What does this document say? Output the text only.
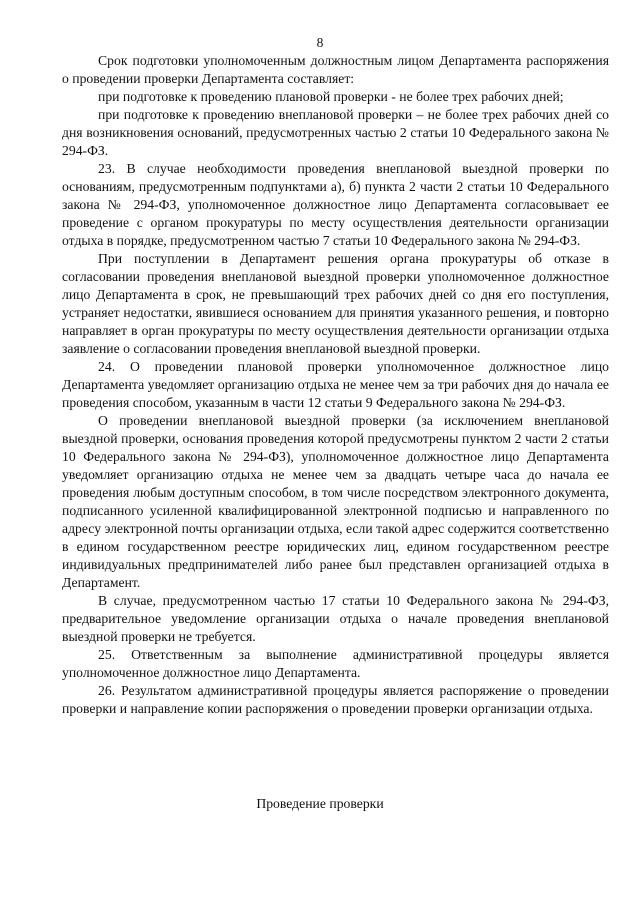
8

Срок подготовки уполномоченным должностным лицом Департамента распоряжения о проведении проверки Департамента составляет:

при подготовке к проведению плановой проверки - не более трех рабочих дней;

при подготовке к проведению внеплановой проверки – не более трех рабочих дней со дня возникновения оснований, предусмотренных частью 2 статьи 10 Федерального закона № 294-ФЗ.

23. В случае необходимости проведения внеплановой выездной проверки по основаниям, предусмотренным подпунктами а), б) пункта 2 части 2 статьи 10 Федерального закона № 294-ФЗ, уполномоченное должностное лицо Департамента согласовывает ее проведение с органом прокуратуры по месту осуществления деятельности организации отдыха в порядке, предусмотренном частью 7 статьи 10 Федерального закона № 294-ФЗ.

При поступлении в Департамент решения органа прокуратуры об отказе в согласовании проведения внеплановой выездной проверки уполномоченное должностное лицо Департамента в срок, не превышающий трех рабочих дней со дня его поступления, устраняет недостатки, явившиеся основанием для принятия указанного решения, и повторно направляет в орган прокуратуры по месту осуществления деятельности организации отдыха заявление о согласовании проведения внеплановой выездной проверки.

24. О проведении плановой проверки уполномоченное должностное лицо Департамента уведомляет организацию отдыха не менее чем за три рабочих дня до начала ее проведения способом, указанным в части 12 статьи 9 Федерального закона № 294-ФЗ.

О проведении внеплановой выездной проверки (за исключением внеплановой выездной проверки, основания проведения которой предусмотрены пунктом 2 части 2 статьи 10 Федерального закона № 294-ФЗ), уполномоченное должностное лицо Департамента уведомляет организацию отдыха не менее чем за двадцать четыре часа до начала ее проведения любым доступным способом, в том числе посредством электронного документа, подписанного усиленной квалифицированной электронной подписью и направленного по адресу электронной почты организации отдыха, если такой адрес содержится соответственно в едином государственном реестре юридических лиц, едином государственном реестре индивидуальных предпринимателей либо ранее был представлен организацией отдыха в Департамент.

В случае, предусмотренном частью 17 статьи 10 Федерального закона № 294-ФЗ, предварительное уведомление организации отдыха о начале проведения внеплановой выездной проверки не требуется.

25. Ответственным за выполнение административной процедуры является уполномоченное должностное лицо Департамента.

26. Результатом административной процедуры является распоряжение о проведении проверки и направление копии распоряжения о проведении проверки организации отдыха.

Проведение проверки
